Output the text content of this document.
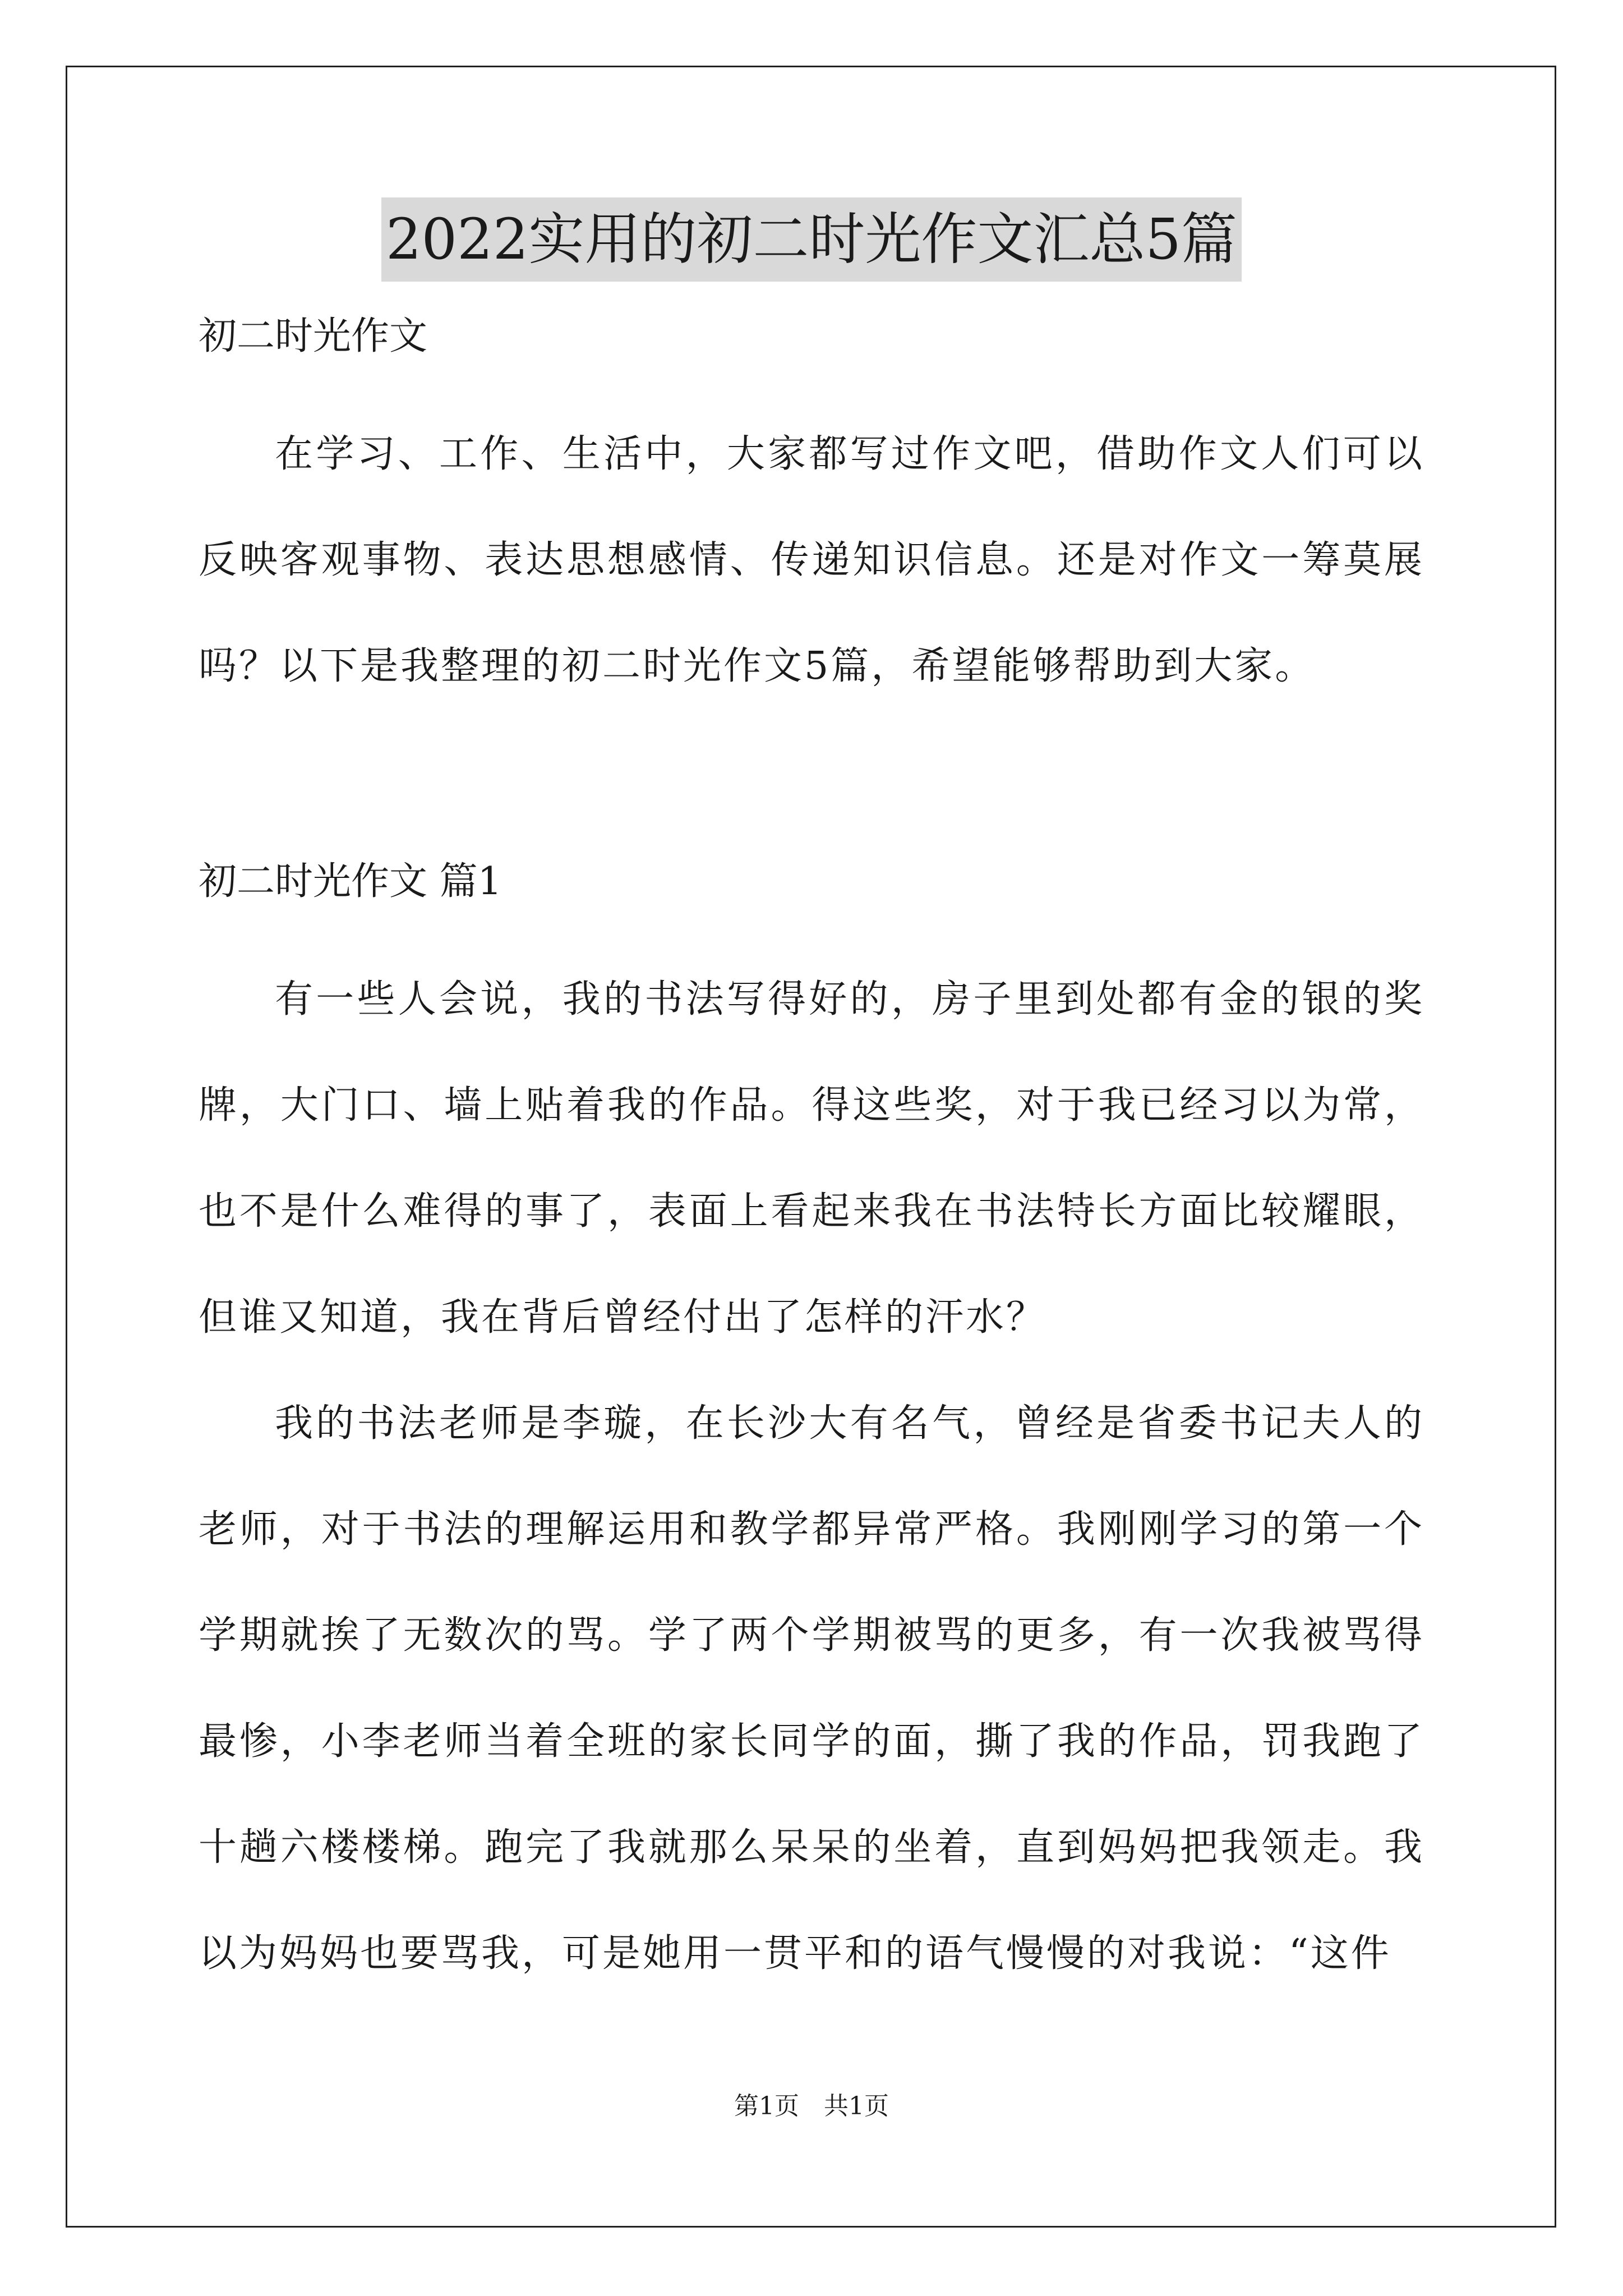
2022实用的初二时光作文汇总5篇

初二时光作文

在学习、工作、生活中，大家都写过作文吧，借助作文人们可以反映客观事物、表达思想感情、传递知识信息。还是对作文一筹莫展吗？以下是我整理的初二时光作文5篇，希望能够帮助到大家。

初二时光作文 篇1

有一些人会说，我的书法写得好的，房子里到处都有金的银的奖牌，大门口、墙上贴着我的作品。得这些奖，对于我已经习以为常，也不是什么难得的事了，表面上看起来我在书法特长方面比较耀眼，但谁又知道，我在背后曾经付出了怎样的汗水？

我的书法老师是李璇，在长沙大有名气，曾经是省委书记夫人的老师，对于书法的理解运用和教学都异常严格。我刚刚学习的第一个学期就挨了无数次的骂。学了两个学期被骂的更多，有一次我被骂得最惨，小李老师当着全班的家长同学的面，撕了我的作品，罚我跑了十趟六楼楼梯。跑完了我就那么呆呆的坐着，直到妈妈把我领走。我以为妈妈也要骂我，可是她用一贯平和的语气慢慢的对我说：“这件

第1页　共1页
